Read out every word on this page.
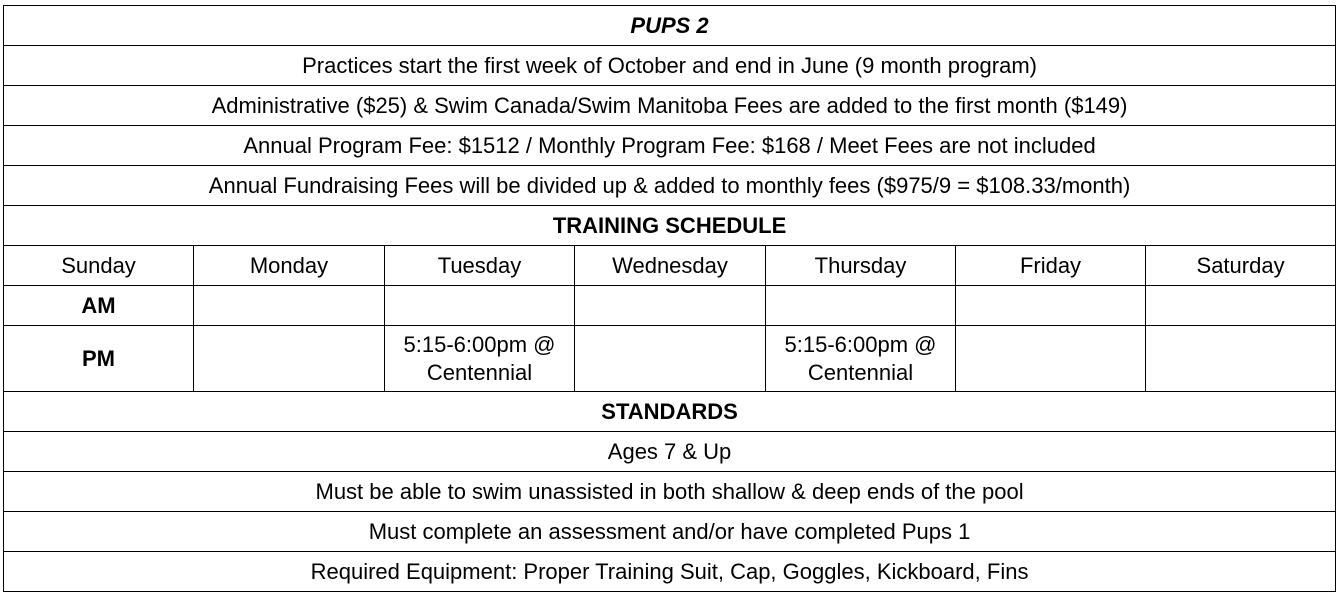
PUPS 2						
Practices start the first week of October and end in June (9 month program)						
Administrative ($25) & Swim Canada/Swim Manitoba Fees are added to the first month ($149)						
Annual Program Fee: $1512 / Monthly Program Fee: $168 / Meet Fees are not included						
Annual Fundraising Fees will be divided up & added to monthly fees ($975/9 = $108.33/month)						
TRAINING SCHEDULE						
Sunday	Monday	Tuesday	Wednesday	Thursday	Friday	Saturday
AM						
PM		5:15-6:00pm @ Centennial		5:15-6:00pm @ Centennial		
STANDARDS						
Ages 7 & Up						
Must be able to swim unassisted in both shallow & deep ends of the pool						
Must complete an assessment and/or have completed Pups 1						
Required Equipment: Proper Training Suit, Cap, Goggles, Kickboard, Fins						
